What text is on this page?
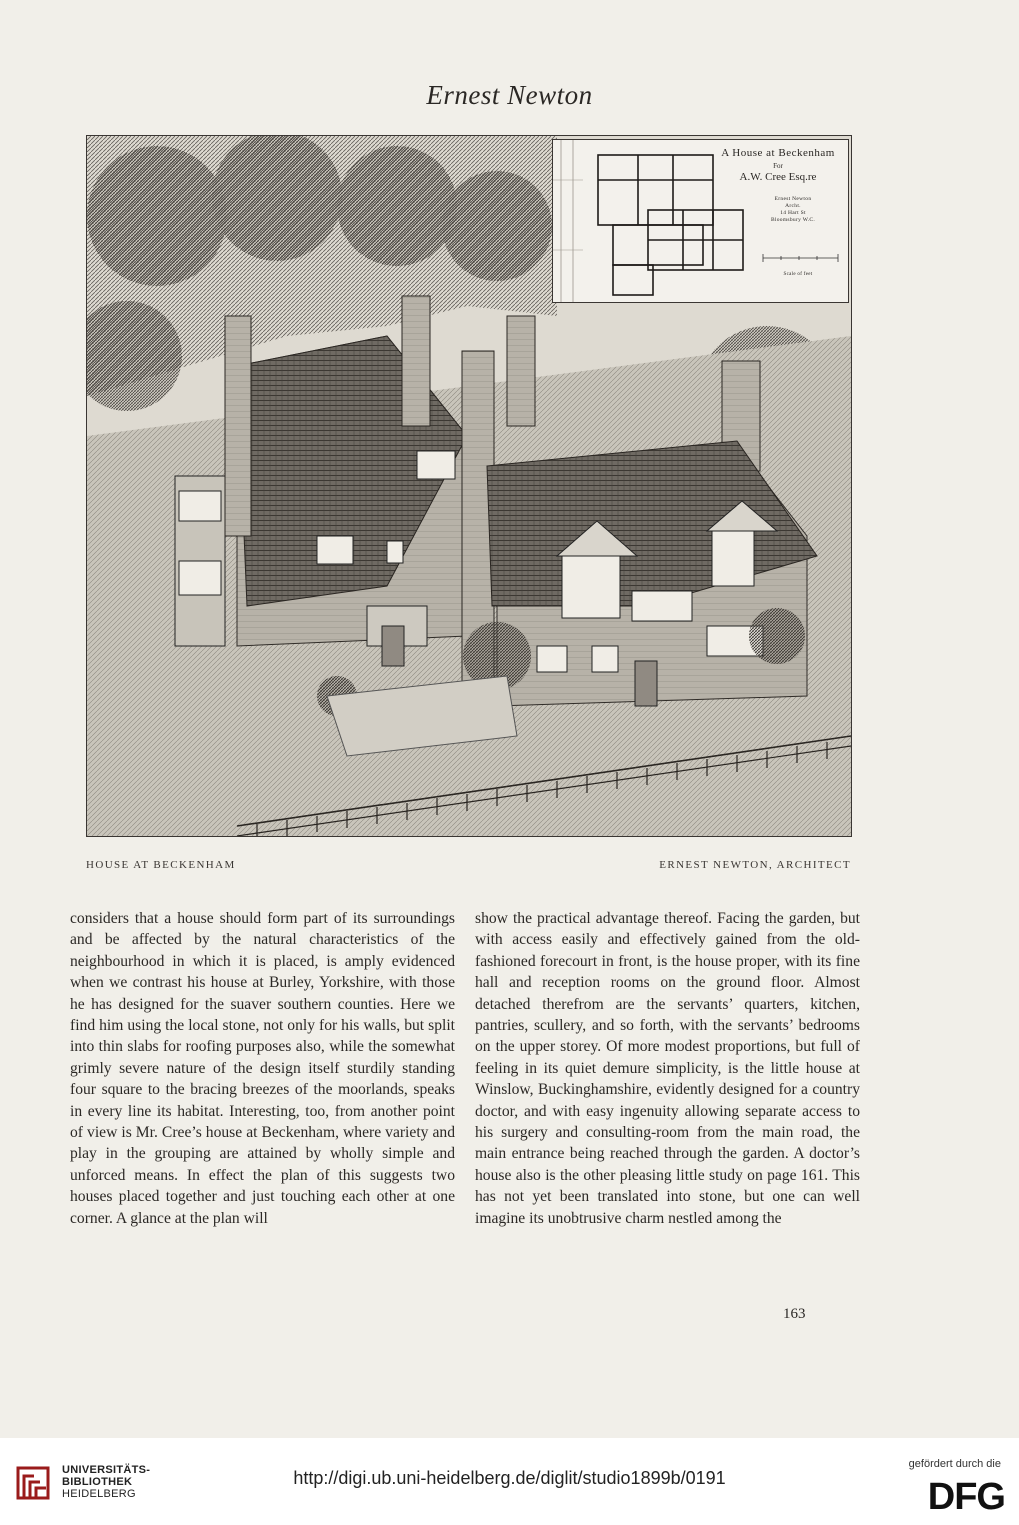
Ernest Newton
A House at Beckenham
For
A.W. Cree Esq.re
Ernest Newton
Archt.
14 Hart St
Bloomsbury W.C.
Scale of feet
HOUSE AT BECKENHAM	ERNEST NEWTON, ARCHITECT
considers that a house should form part of its surroundings and be affected by the natural characteristics of the neighbourhood in which it is placed, is amply evidenced when we contrast his house at Burley, Yorkshire, with those he has designed for the suaver southern counties. Here we find him using the local stone, not only for his walls, but split into thin slabs for roofing purposes also, while the somewhat grimly severe nature of the design itself sturdily standing four square to the bracing breezes of the moorlands, speaks in every line its habitat. Interesting, too, from another point of view is Mr. Cree’s house at Beckenham, where variety and play in the grouping are attained by wholly simple and unforced means. In effect the plan of this suggests two houses placed together and just touching each other at one corner. A glance at the plan will
show the practical advantage thereof. Facing the garden, but with access easily and effectively gained from the old-fashioned forecourt in front, is the house proper, with its fine hall and reception rooms on the ground floor. Almost detached therefrom are the servants’ quarters, kitchen, pantries, scullery, and so forth, with the servants’ bedrooms on the upper storey. Of more modest proportions, but full of feeling in its quiet demure simplicity, is the little house at Winslow, Buckinghamshire, evidently designed for a country doctor, and with easy ingenuity allowing separate access to his surgery and consulting-room from the main road, the main entrance being reached through the garden. A doctor’s house also is the other pleasing little study on page 161. This has not yet been translated into stone, but one can well imagine its unobtrusive charm nestled among the
163
UNIVERSITÄTS-
BIBLIOTHEK
HEIDELBERG
http://digi.ub.uni-heidelberg.de/diglit/studio1899b/0191
gefördert durch die
DFG
